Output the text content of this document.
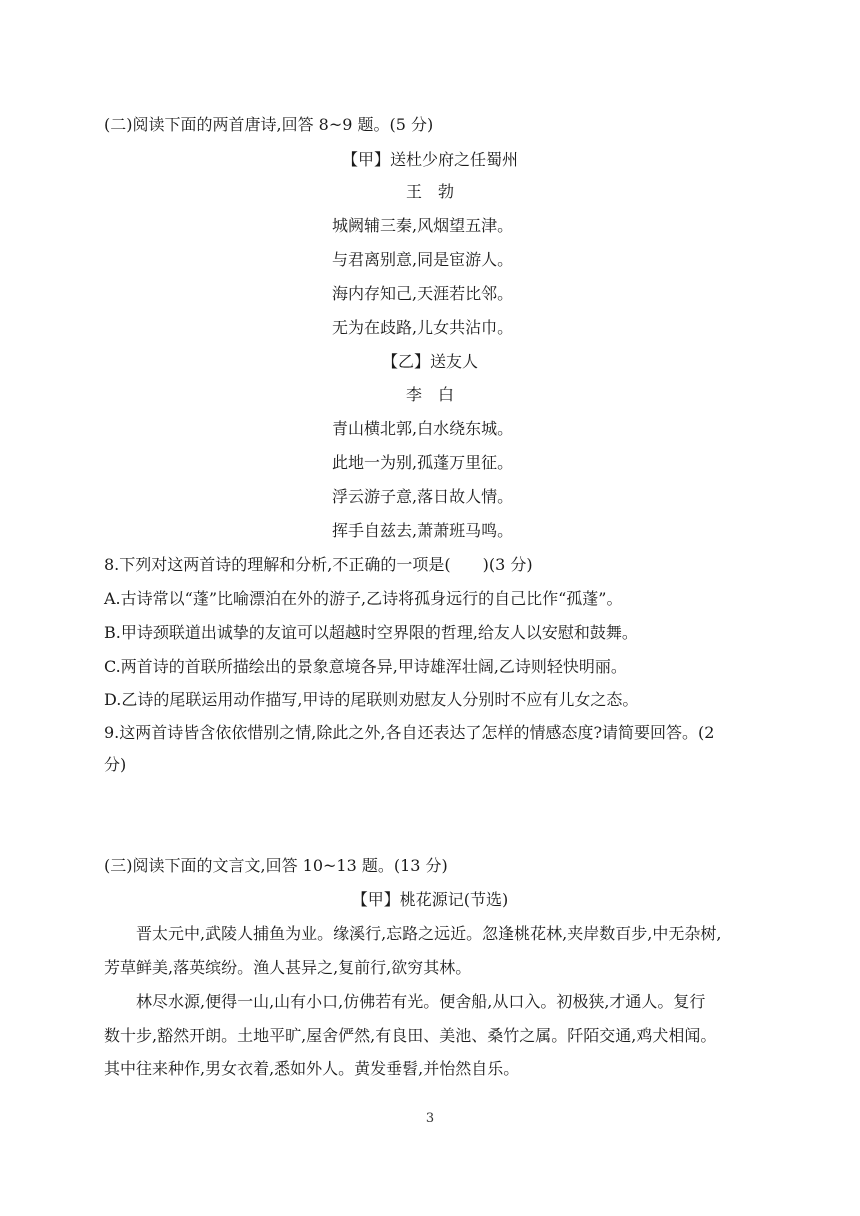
(二)阅读下面的两首唐诗,回答 8~9 题。(5 分)
【甲】送杜少府之任蜀州
王　勃
城阙辅三秦,风烟望五津。
与君离别意,同是宦游人。
海内存知己,天涯若比邻。
无为在歧路,儿女共沾巾。
【乙】送友人
李　白
青山横北郭,白水绕东城。
此地一为别,孤蓬万里征。
浮云游子意,落日故人情。
挥手自兹去,萧萧班马鸣。
8.下列对这两首诗的理解和分析,不正确的一项是(　　)(3 分)
A.古诗常以“蓬”比喻漂泊在外的游子,乙诗将孤身远行的自己比作“孤蓬”。
B.甲诗颈联道出诚挚的友谊可以超越时空界限的哲理,给友人以安慰和鼓舞。
C.两首诗的首联所描绘出的景象意境各异,甲诗雄浑壮阔,乙诗则轻快明丽。
D.乙诗的尾联运用动作描写,甲诗的尾联则劝慰友人分别时不应有儿女之态。
9.这两首诗皆含依依惜别之情,除此之外,各自还表达了怎样的情感态度?请简要回答。(2
分)
(三)阅读下面的文言文,回答 10~13 题。(13 分)
【甲】桃花源记(节选)
晋太元中,武陵人捕鱼为业。缘溪行,忘路之远近。忽逢桃花林,夹岸数百步,中无杂树,
芳草鲜美,落英缤纷。渔人甚异之,复前行,欲穷其林。
林尽水源,便得一山,山有小口,仿佛若有光。便舍船,从口入。初极狭,才通人。复行
数十步,豁然开朗。土地平旷,屋舍俨然,有良田、美池、桑竹之属。阡陌交通,鸡犬相闻。
其中往来种作,男女衣着,悉如外人。黄发垂髫,并怡然自乐。
3
